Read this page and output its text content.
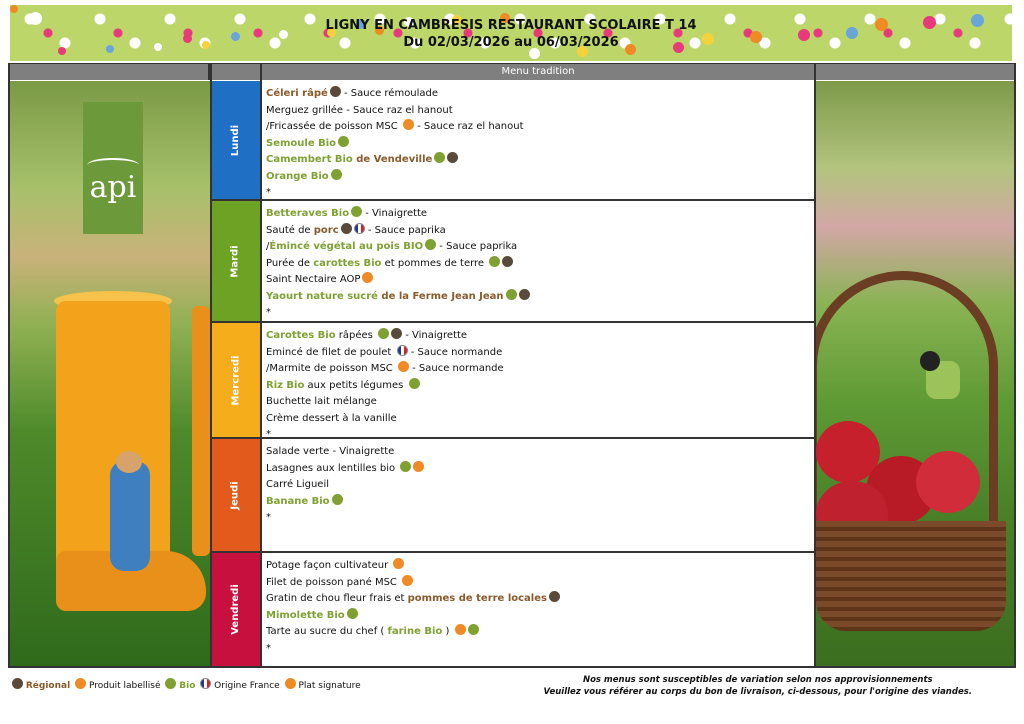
LIGNY EN CAMBRESIS RESTAURANT SCOLAIRE T 14
Du 02/03/2026 au 06/03/2026
Menu tradition
api
Lundi
Céleri râpé - Sauce rémoulade
Merguez grillée - Sauce raz el hanout
/Fricassée de poisson MSC  - Sauce raz el hanout
Semoule Bio
Camembert Bio de Vendeville
Orange Bio
*
Mardi
Betteraves Bio - Vinaigrette
Sauté de porc	- Sauce paprika
/Émincé végétal au pois BIO - Sauce paprika
Purée de carottes Bio et pommes de terre
Saint Nectaire AOP
Yaourt nature sucré de la Ferme Jean Jean
*
Mercredi
Carottes Bio râpées	- Vinaigrette
Emincé de filet de poulet  - Sauce normande
/Marmite de poisson MSC  - Sauce normande
Riz Bio aux petits légumes
Buchette lait mélange
Crème dessert à la vanille
*
Jeudi
Salade verte - Vinaigrette
Lasagnes aux lentilles bio
Carré Ligueil
Banane Bio
*
Vendredi
Potage façon cultivateur
Filet de poisson pané MSC
Gratin de chou fleur frais et pommes de terre locales
Mimolette Bio
Tarte au sucre du chef ( farine Bio )
*
Régional Produit labellisé Bio Origine France Plat signature
Nos menus sont susceptibles de variation selon nos approvisionnements
Veuillez vous référer au corps du bon de livraison, ci-dessous, pour l'origine des viandes.
